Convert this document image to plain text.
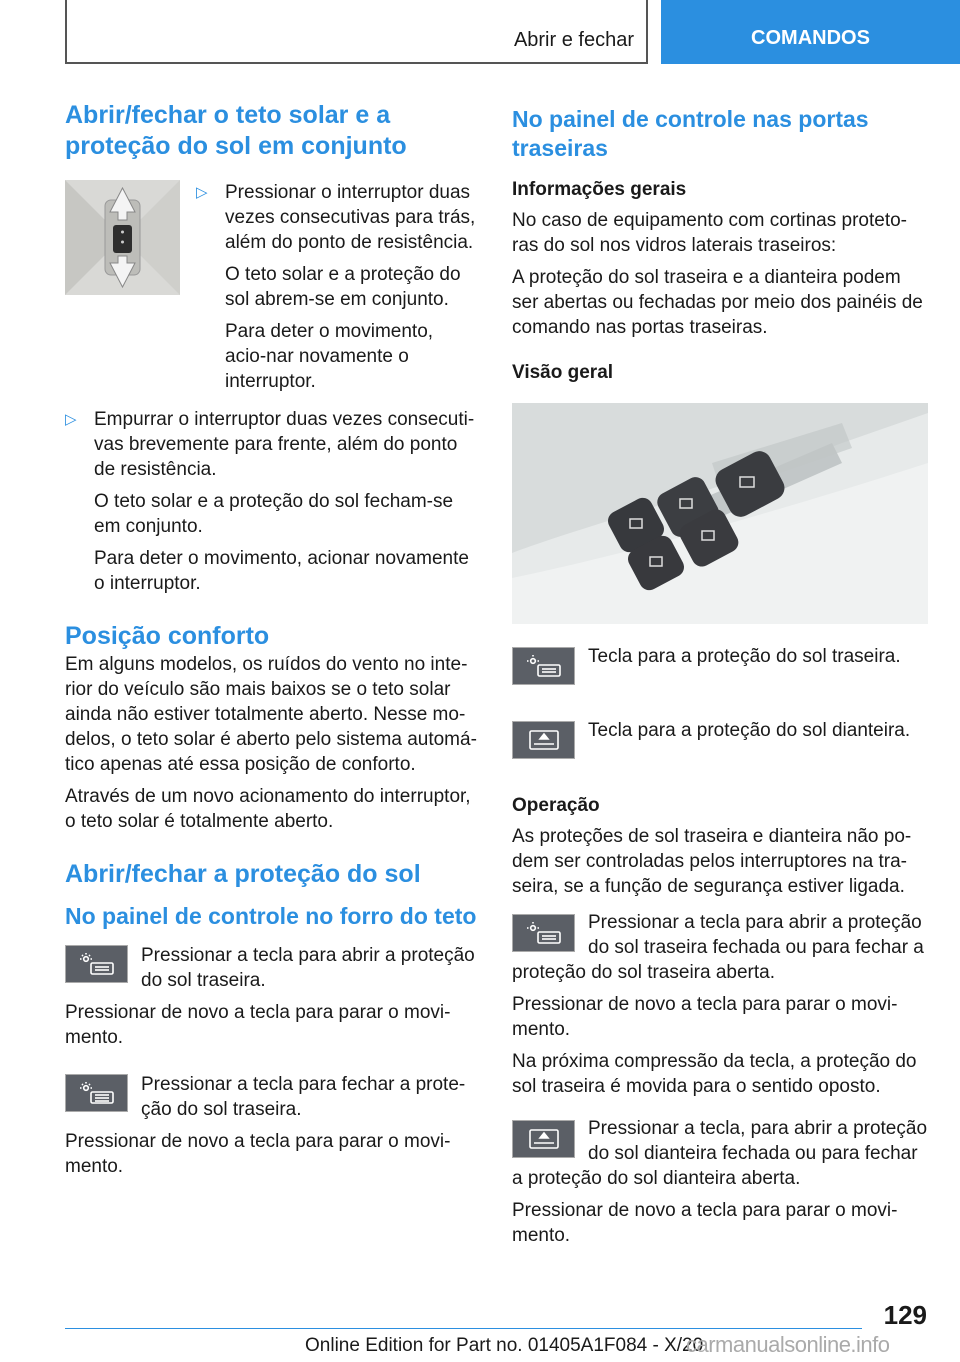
Abrir e fechar	COMANDOS
Abrir/fechar o teto solar e a proteção do sol em conjunto
▷ Pressionar o interruptor duas vezes consecutivas para trás, além do ponto de resistência.

O teto solar e a proteção do sol abrem-se em conjunto.

Para deter o movimento, acio-nar novamente o interruptor.

▷ Empurrar o interruptor duas vezes consecuti-vas brevemente para frente, além do ponto de resistência.

O teto solar e a proteção do sol fecham-se em conjunto.

Para deter o movimento, acionar novamente o interruptor.

Posição conforto

Em alguns modelos, os ruídos do vento no inte-rior do veículo são mais baixos se o teto solar ainda não estiver totalmente aberto. Nesse mo-delos, o teto solar é aberto pelo sistema automá-tico apenas até essa posição de conforto.

Através de um novo acionamento do interruptor, o teto solar é totalmente aberto.

Abrir/fechar a proteção do sol
No painel de controle no forro do teto

Pressionar a tecla para abrir a proteção do sol traseira.

Pressionar de novo a tecla para parar o movi-mento.

Pressionar a tecla para fechar a prote-ção do sol traseira.

Pressionar de novo a tecla para parar o movi-mento.

No painel de controle nas portas traseiras
Informações gerais

No caso de equipamento com cortinas proteto-ras do sol nos vidros laterais traseiros:

A proteção do sol traseira e a dianteira podem ser abertas ou fechadas por meio dos painéis de comando nas portas traseiras.

Visão geral

Tecla para a proteção do sol traseira.

Tecla para a proteção do sol dianteira.

Operação

As proteções de sol traseira e dianteira não po-dem ser controladas pelos interruptores na tra-seira, se a função de segurança estiver ligada.

Pressionar a tecla para abrir a proteção do sol traseira fechada ou para fechar a proteção do sol traseira aberta.

Pressionar de novo a tecla para parar o movi-mento.

Na próxima compressão da tecla, a proteção do sol traseira é movida para o sentido oposto.

Pressionar a tecla, para abrir a proteção do sol dianteira fechada ou para fechar a proteção do sol dianteira aberta.

Pressionar de novo a tecla para parar o movi-mento.

129
Online Edition for Part no. 01405A1F084 - X/20
carmanualsonline.info
